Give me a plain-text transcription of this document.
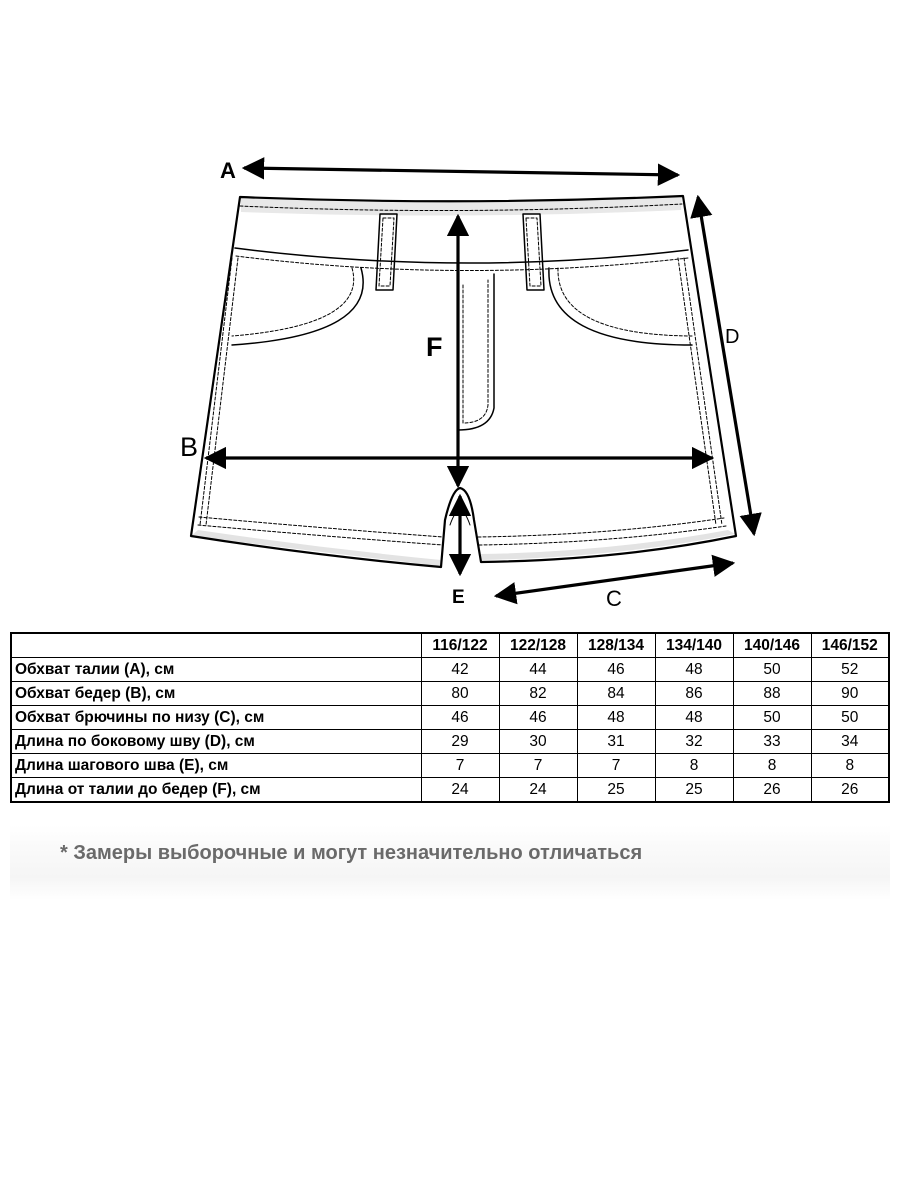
A
B
C
D
E
F
	116/122	122/128	128/134	134/140	140/146	146/152
Обхват талии (А), см	42	44	46	48	50	52
Обхват бедер (В), см	80	82	84	86	88	90
Обхват брючины по низу (С), см	46	46	48	48	50	50
Длина по боковому шву (D), см	29	30	31	32	33	34
Длина шагового шва (Е), см	7	7	7	8	8	8
Длина от талии до бедер (F), см	24	24	25	25	26	26
* Замеры выборочные и могут незначительно отличаться
